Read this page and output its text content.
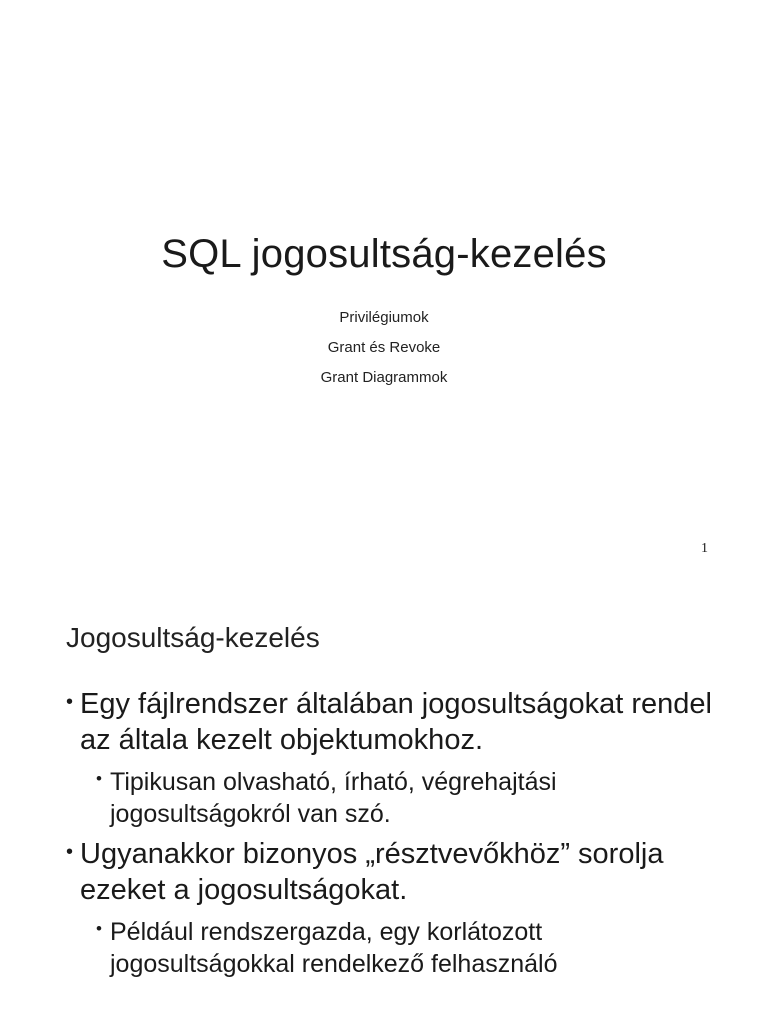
SQL jogosultság-kezelés
Privilégiumok
Grant és Revoke
Grant Diagrammok
1
Jogosultság-kezelés
• Egy fájlrendszer általában jogosultságokat rendel az általa kezelt objektumokhoz.
• Tipikusan olvasható, írható, végrehajtási jogosultságokról van szó.
• Ugyanakkor bizonyos „résztvevőkhöz” sorolja ezeket a jogosultságokat.
• Például rendszergazda, egy korlátozott jogosultságokkal rendelkező felhasználó
